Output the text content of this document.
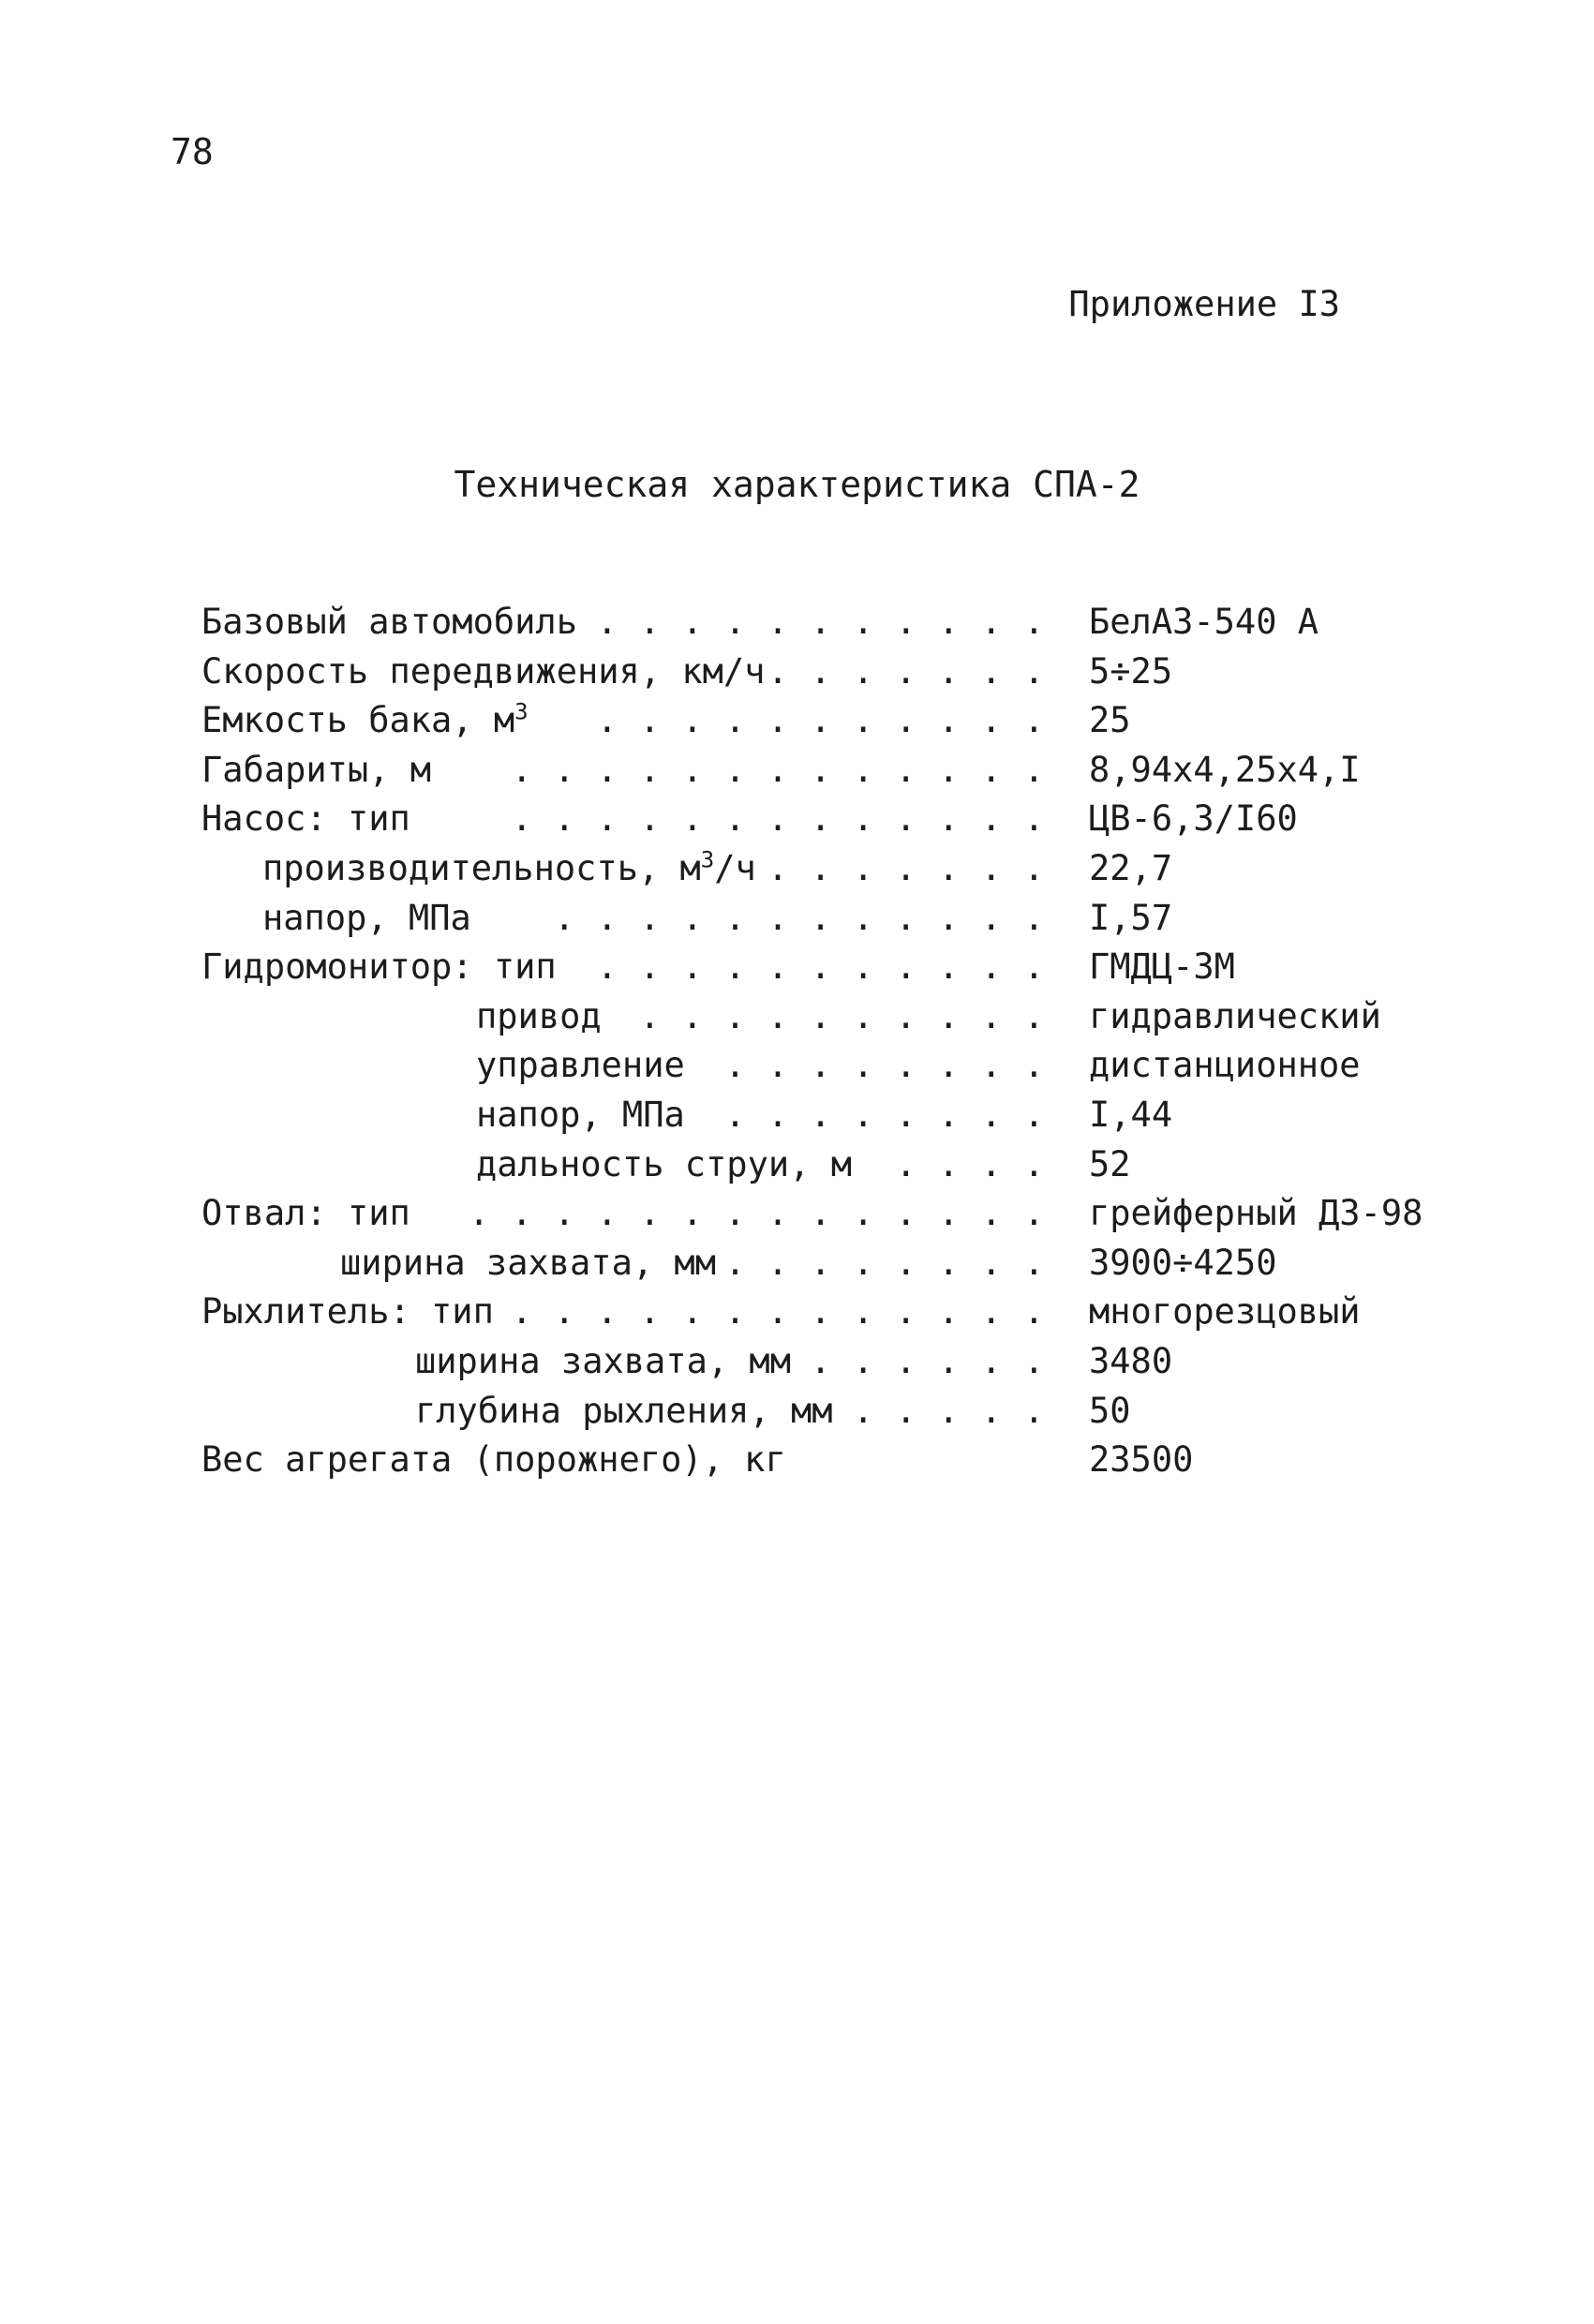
78
Приложение I3
Техническая характеристика СПА-2
Базовый автомобиль . . . . . . . . . . . БелАЗ-540 А
Скорость передвижения, км/ч . . . . . . . 5÷25
Емкость бака, $м^3$ . . . . . . . . . . . 25
Габариты, м . . . . . . . . . . . . . 8,94x4,25x4,I
Насос: тип	. . . . . . . . . . . . . ЦВ-6,3/I60
производительность, $м^3/ч$ . . . . . . . 22,7
напор, МПа . . . . . . . . . . . . I,57
Гидромонитор: тип . . . . . . . . . . . ГМДЦ-3М
привод . . . . . . . . . . гидравлический
управление . . . . . . . . дистанционное
напор, МПа . . . . . . . . I,44
дальность струи, м . . . . 52
Отвал: тип . . . . . . . . . . . . . . грейферный ДЗ-98
ширина захвата, мм . . . . . . . . 3900÷4250
Рыхлитель: тип . . . . . . . . . . . . . многорезцовый
ширина захвата, мм . . . . . . 3480
глубина рыхления, мм . . . . . 50
Вес агрегата (порожнего), кг	23500
